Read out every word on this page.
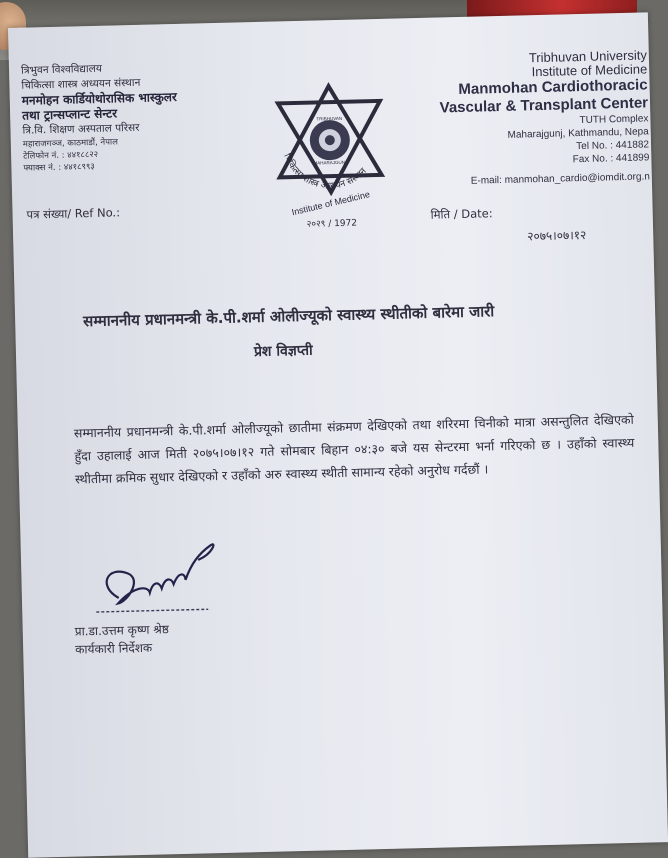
त्रिभुवन विश्वविद्यालय
चिकित्सा शास्त्र अध्ययन संस्थान
मनमोहन कार्डियोथोरासिक भास्कुलर
तथा ट्रान्सप्लान्ट सेन्टर
त्रि.वि. शिक्षण अस्पताल परिसर
महाराजगञ्ज, काठमाडौं, नेपाल
टेलिफोन नं. : ४४१८८२२
फ्याक्स नं. : ४४१८९९३
TRIBHUVAN
MAHARAJGUNJ
चिकित्सा शास्त्र अध्ययन संस्थान
Institute of Medicine
२०२९ / 1972
Tribhuvan University
Institute of Medicine
Manmohan Cardiothoracic
Vascular & Transplant Center
TUTH Complex
Maharajgunj, Kathmandu, Nepa
Tel No. : 441882
Fax No. : 441899
E-mail: manmohan_cardio@iomdit.org.n
पत्र संख्या/ Ref No.:	मिति / Date:
२०७५।०७।१२
सम्माननीय प्रधानमन्त्री के.पी.शर्मा ओलीज्यूको स्वास्थ्य स्थीतीको बारेमा जारी
प्रेश विज्ञप्ती
सम्माननीय प्रधानमन्त्री के.पी.शर्मा ओलीज्यूको छातीमा संक्रमण देखिएको तथा शरिरमा चिनीको मात्रा असन्तुलित देखिएको हुँदा उहालाई आज मिती २०७५।०७।१२ गते सोमबार बिहान ०४:३० बजे यस सेन्टरमा भर्ना गरिएको छ । उहाँको स्वास्थ्य स्थीतीमा क्रमिक सुधार देखिएको र उहाँको अरु स्वास्थ्य स्थीती सामान्य रहेको अनुरोध गर्दछौं ।
प्रा.डा.उत्तम कृष्ण श्रेष्ठ
कार्यकारी निर्देशक
